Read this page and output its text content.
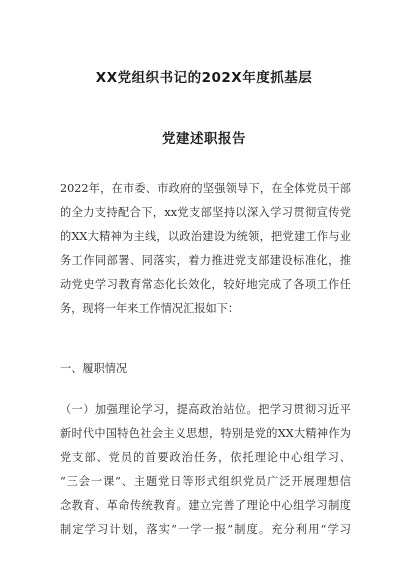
XX党组织书记的202X年度抓基层
党建述职报告
2022年，在市委、市政府的坚强领导下，在全体党员干部
的全力支持配合下，xx党支部坚持以深入学习贯彻宣传党
的XX大精神为主线，以政治建设为统领，把党建工作与业
务工作同部署、同落实，着力推进党支部建设标准化，推
动党史学习教育常态化长效化，较好地完成了各项工作任
务，现将一年来工作情况汇报如下：
一、履职情况
（一）加强理论学习，提高政治站位。把学习贯彻习近平
新时代中国特色社会主义思想，特别是党的XX大精神作为
党支部、党员的首要政治任务，依托理论中心组学习、
“三会一课”、主题党日等形式组织党员广泛开展理想信
念教育、革命传统教育。建立完善了理论中心组学习制度
制定学习计划，落实“一学一报”制度。充分利用“学习
